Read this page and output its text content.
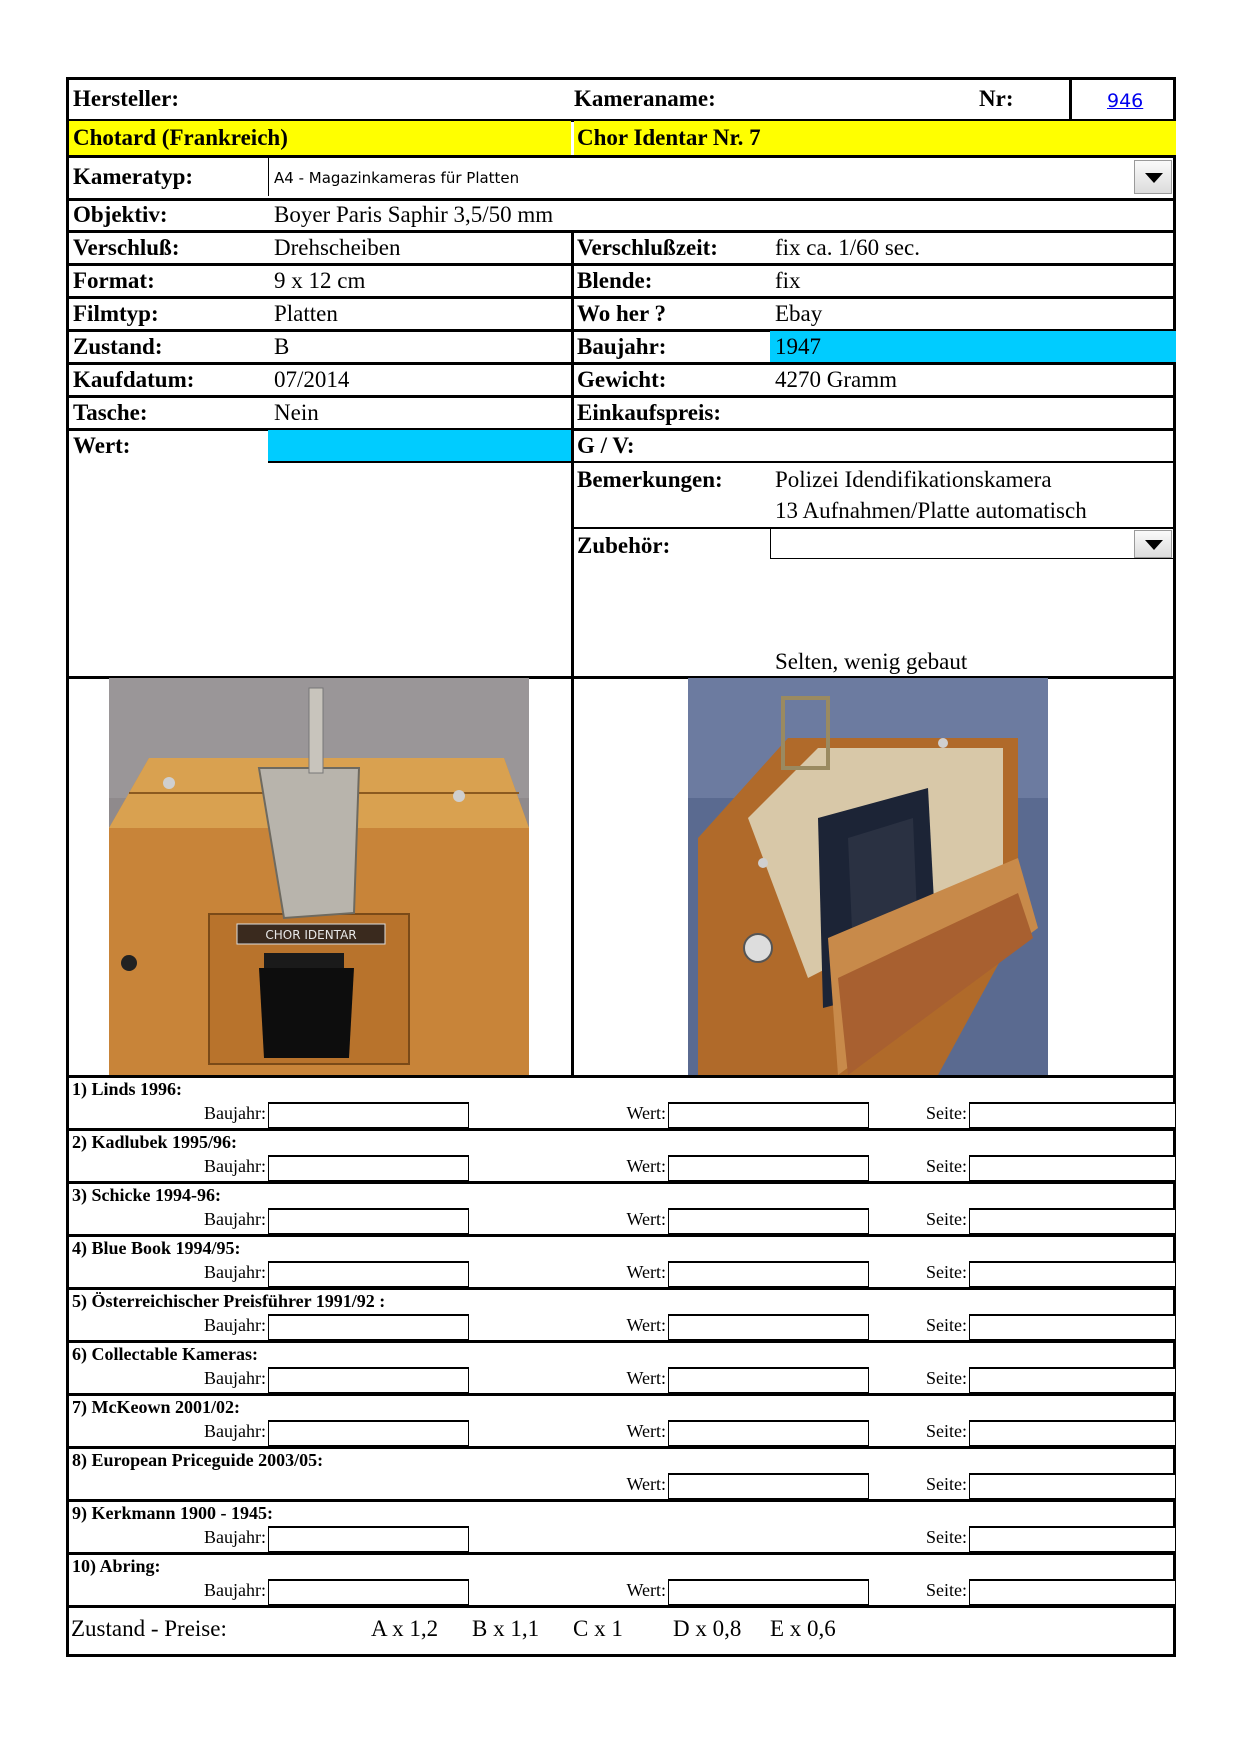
Hersteller:	Kameraname:	Nr:	946
Chotard (Frankreich)	Chor Identar Nr. 7
Kameratyp:	A4 - Magazinkameras für Platten
Objektiv:	Boyer Paris Saphir 3,5/50 mm
Verschluß:	Drehscheiben	Verschlußzeit: fix ca. 1/60 sec.
Format:	9 x 12 cm	Blende:	fix
Filmtyp:	Platten	Wo her ?	Ebay
Zustand:	B	Baujahr:	1947
Kaufdatum:	07/2014	Gewicht:	4270 Gramm
Tasche:	Nein	Einkaufspreis:
Wert:	G / V:
Bemerkungen: Polizei Idendifikationskamera
13 Aufnahmen/Platte automatisch
Zubehör:
Selten, wenig gebaut
CHOR IDENTAR
1) Linds 1996:
Baujahr:	Wert:	Seite:
2) Kadlubek 1995/96:
Baujahr:	Wert:	Seite:
3) Schicke 1994-96:
Baujahr:	Wert:	Seite:
4) Blue Book 1994/95:
Baujahr:	Wert:	Seite:
5) Österreichischer Preisführer 1991/92 :
Baujahr:	Wert:	Seite:
6) Collectable Kameras:
Baujahr:	Wert:	Seite:
7) McKeown 2001/02:
Baujahr:	Wert:	Seite:
8) European Priceguide 2003/05:
Wert:	Seite:
9) Kerkmann 1900 - 1945:
Baujahr:	Seite:
10) Abring:
Baujahr:	Wert:	Seite:
Zustand - Preise:	A x 1,2 B x 1,1 C x 1 D x 0,8 E x 0,6
